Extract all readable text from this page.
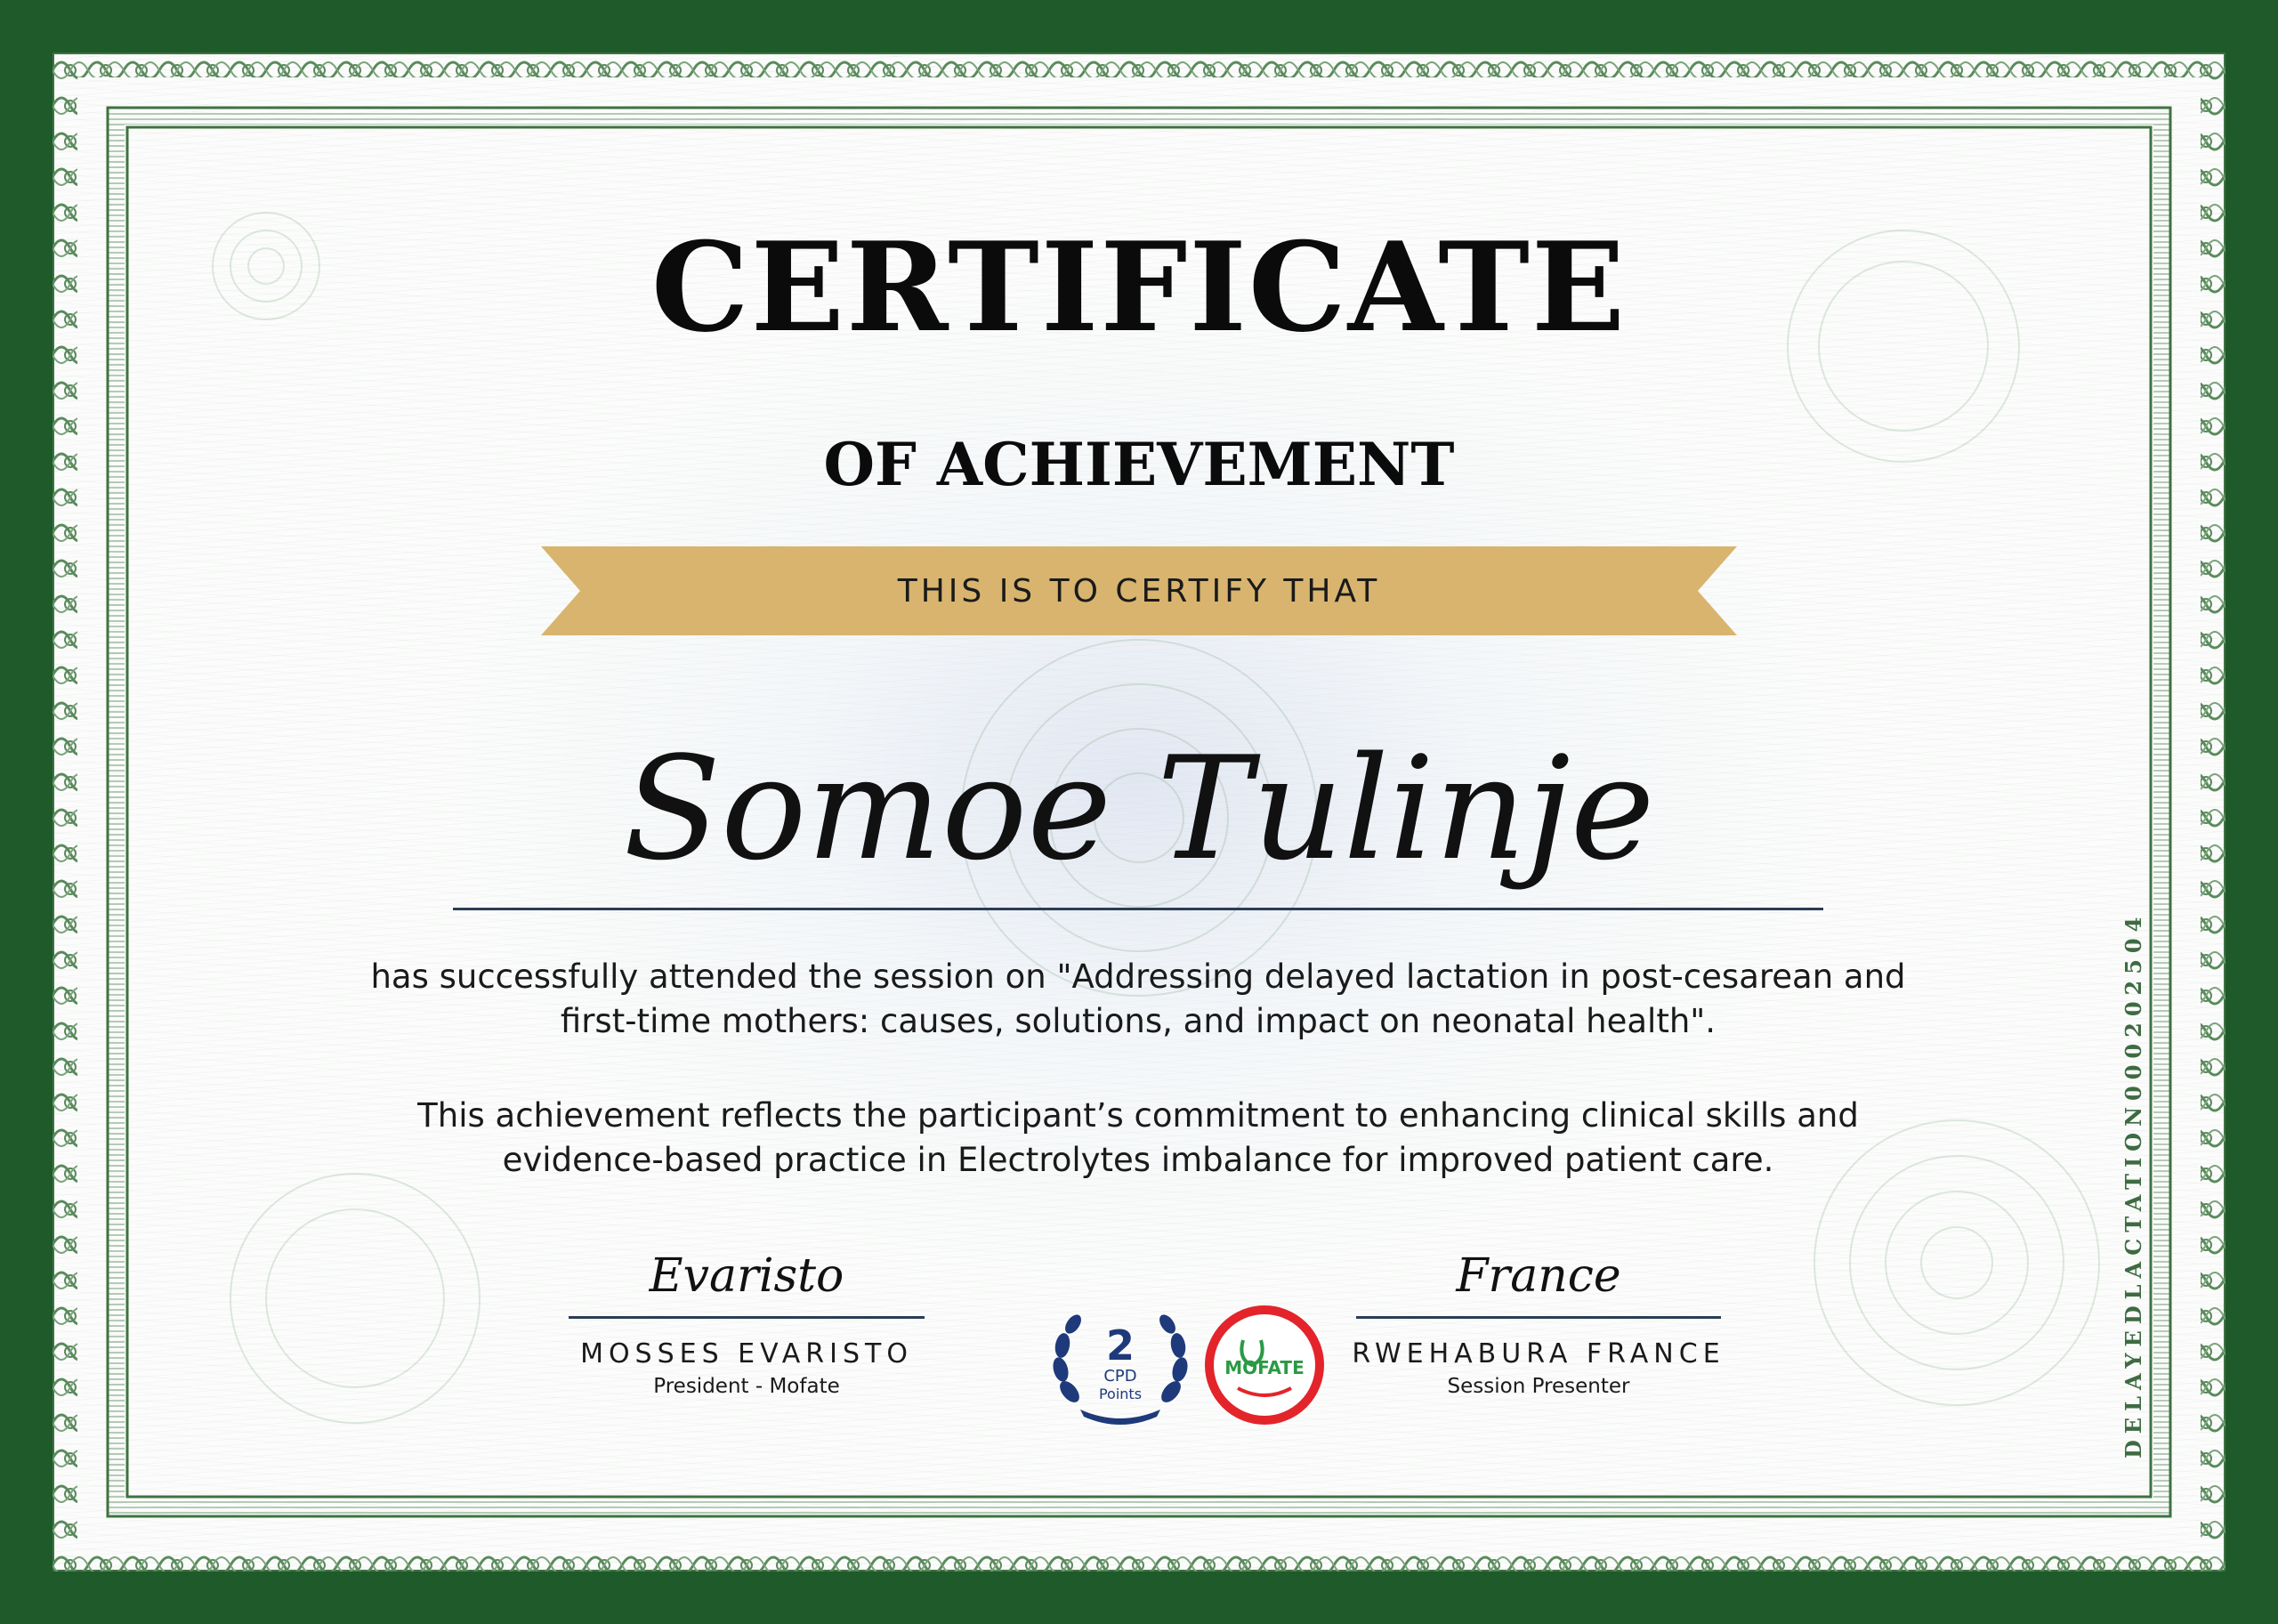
CERTIFICATE
OF ACHIEVEMENT
THIS IS TO CERTIFY THAT
Somoe Tulinje
has successfully attended the session on "Addressing delayed lactation in post-cesarean and
first-time mothers: causes, solutions, and impact on neonatal health".
This achievement reflects the participant’s commitment to enhancing clinical skills and
evidence-based practice in Electrolytes imbalance for improved patient care.
Evaristo
MOSSES EVARISTO
President - Mofate
2
CPD
Points
MOFATE
France
RWEHABURA FRANCE
Session Presenter	DELAYEDLACTATION000202504
